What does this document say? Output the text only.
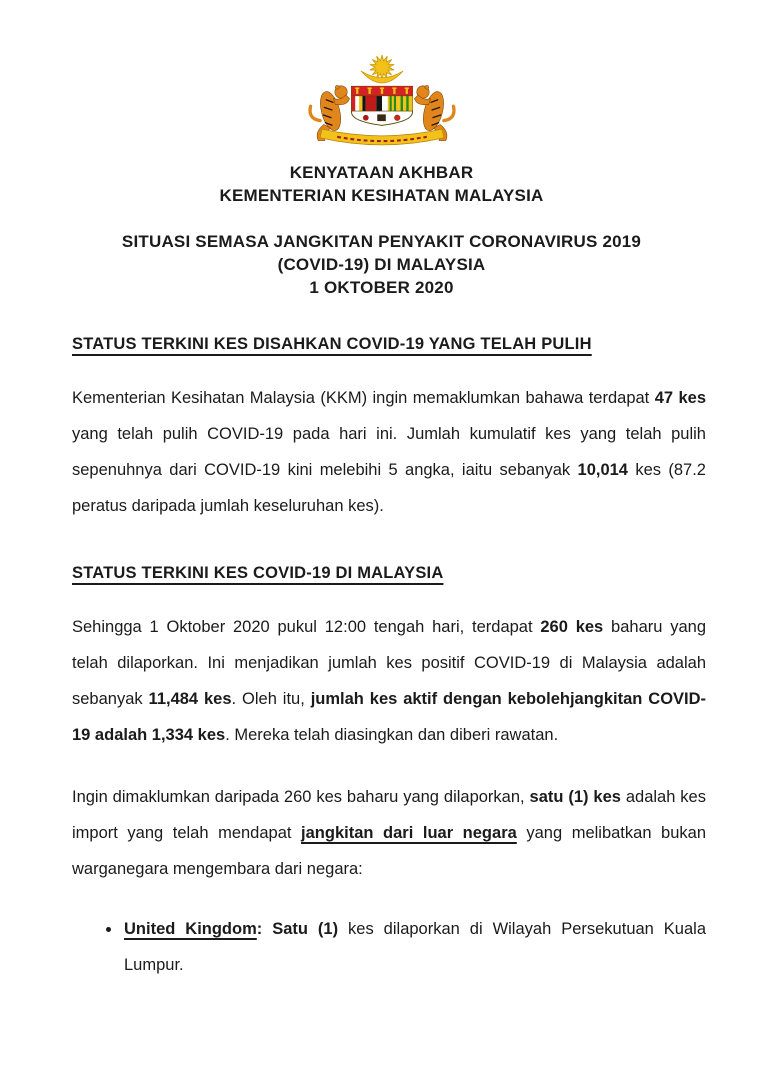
KENYATAAN AKHBAR
KEMENTERIAN KESIHATAN MALAYSIA
SITUASI SEMASA JANGKITAN PENYAKIT CORONAVIRUS 2019
(COVID-19) DI MALAYSIA
1 OKTOBER 2020
STATUS TERKINI KES DISAHKAN COVID-19 YANG TELAH PULIH

Kementerian Kesihatan Malaysia (KKM) ingin memaklumkan bahawa terdapat 47 kes yang telah pulih COVID-19 pada hari ini. Jumlah kumulatif kes yang telah pulih sepenuhnya dari COVID-19 kini melebihi 5 angka, iaitu sebanyak 10,014 kes (87.2 peratus daripada jumlah keseluruhan kes).

STATUS TERKINI KES COVID-19 DI MALAYSIA

Sehingga 1 Oktober 2020 pukul 12:00 tengah hari, terdapat 260 kes baharu yang telah dilaporkan. Ini menjadikan jumlah kes positif COVID-19 di Malaysia adalah sebanyak 11,484 kes. Oleh itu, jumlah kes aktif dengan kebolehjangkitan COVID-19 adalah 1,334 kes. Mereka telah diasingkan dan diberi rawatan.

Ingin dimaklumkan daripada 260 kes baharu yang dilaporkan, satu (1) kes adalah kes import yang telah mendapat jangkitan dari luar negara yang melibatkan bukan warganegara mengembara dari negara:

• United Kingdom: Satu (1) kes dilaporkan di Wilayah Persekutuan Kuala Lumpur.
